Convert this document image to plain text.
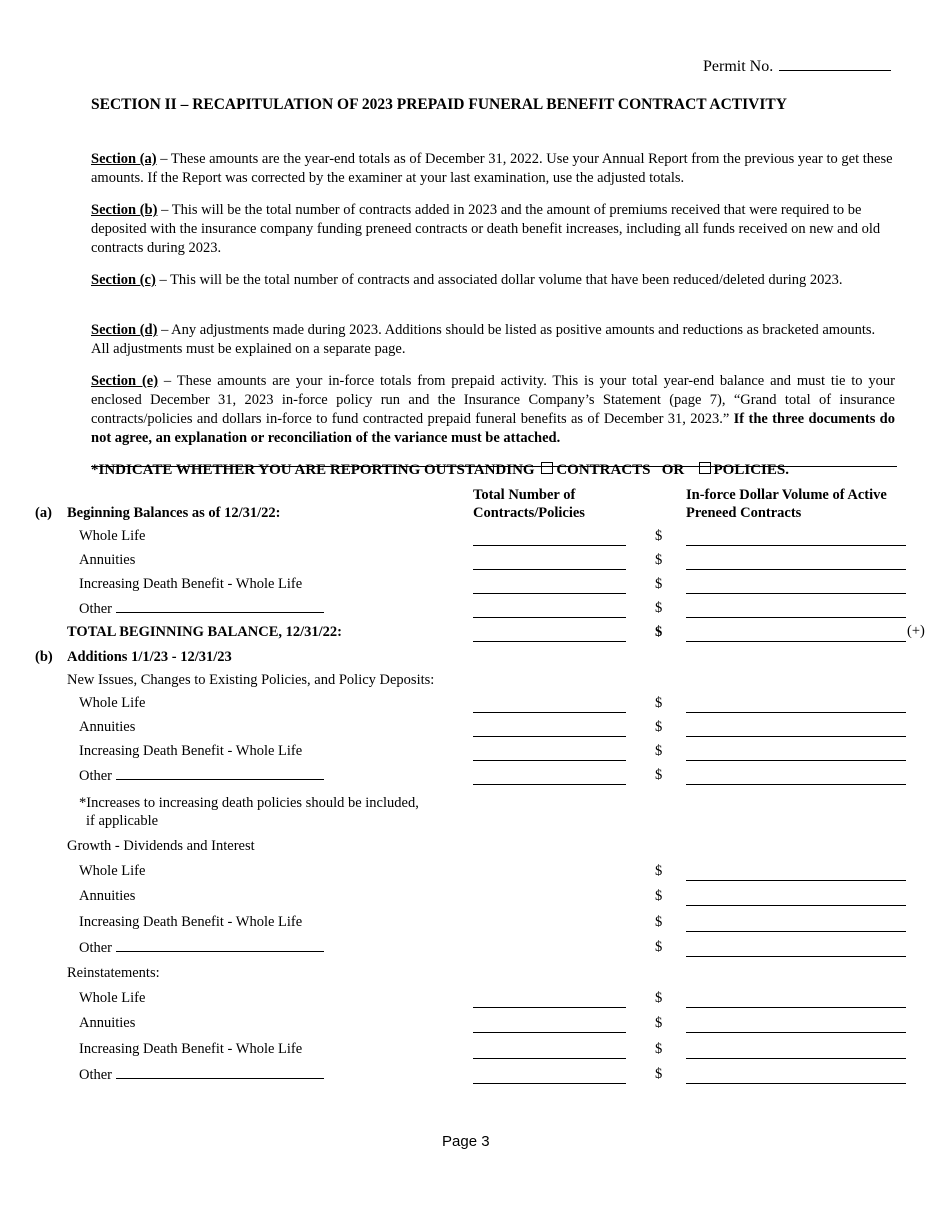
Permit No.
SECTION II – RECAPITULATION OF 2023 PREPAID FUNERAL BENEFIT CONTRACT ACTIVITY
Section (a) – These amounts are the year-end totals as of December 31, 2022. Use your Annual Report from the previous year to get these amounts. If the Report was corrected by the examiner at your last examination, use the adjusted totals.
Section (b) – This will be the total number of contracts added in 2023 and the amount of premiums received that were required to be deposited with the insurance company funding preneed contracts or death benefit increases, including all funds received on new and old contracts during 2023.
Section (c) – This will be the total number of contracts and associated dollar volume that have been reduced/deleted during 2023.
Section (d) – Any adjustments made during 2023. Additions should be listed as positive amounts and reductions as bracketed amounts. All adjustments must be explained on a separate page.
Section (e) – These amounts are your in-force totals from prepaid activity. This is your total year-end balance and must tie to your enclosed December 31, 2023 in-force policy run and the Insurance Company’s Statement (page 7), “Grand total of insurance contracts/policies and dollars in-force to fund contracted prepaid funeral benefits as of December 31, 2023.” If the three documents do not agree, an explanation or reconciliation of the variance must be attached.
*INDICATE WHETHER YOU ARE REPORTING OUTSTANDING CONTRACTS OR POLICIES.
Total Number of Contracts/Policies
In-force Dollar Volume of Active Preneed Contracts
(a) Beginning Balances as of 12/31/22:
Whole Life	$
Annuities	$
Increasing Death Benefit - Whole Life	$
Other	$
TOTAL BEGINNING BALANCE, 12/31/22:	$	(+)
(b) Additions 1/1/23 - 12/31/23
New Issues, Changes to Existing Policies, and Policy Deposits:
Whole Life	$
Annuities	$
Increasing Death Benefit - Whole Life	$
Other	$
*Increases to increasing death policies should be included,
if applicable
Growth - Dividends and Interest
Whole Life	$
Annuities	$
Increasing Death Benefit - Whole Life	$
Other	$
Reinstatements:
Whole Life	$
Annuities	$
Increasing Death Benefit - Whole Life	$
Other	$
Page 3
